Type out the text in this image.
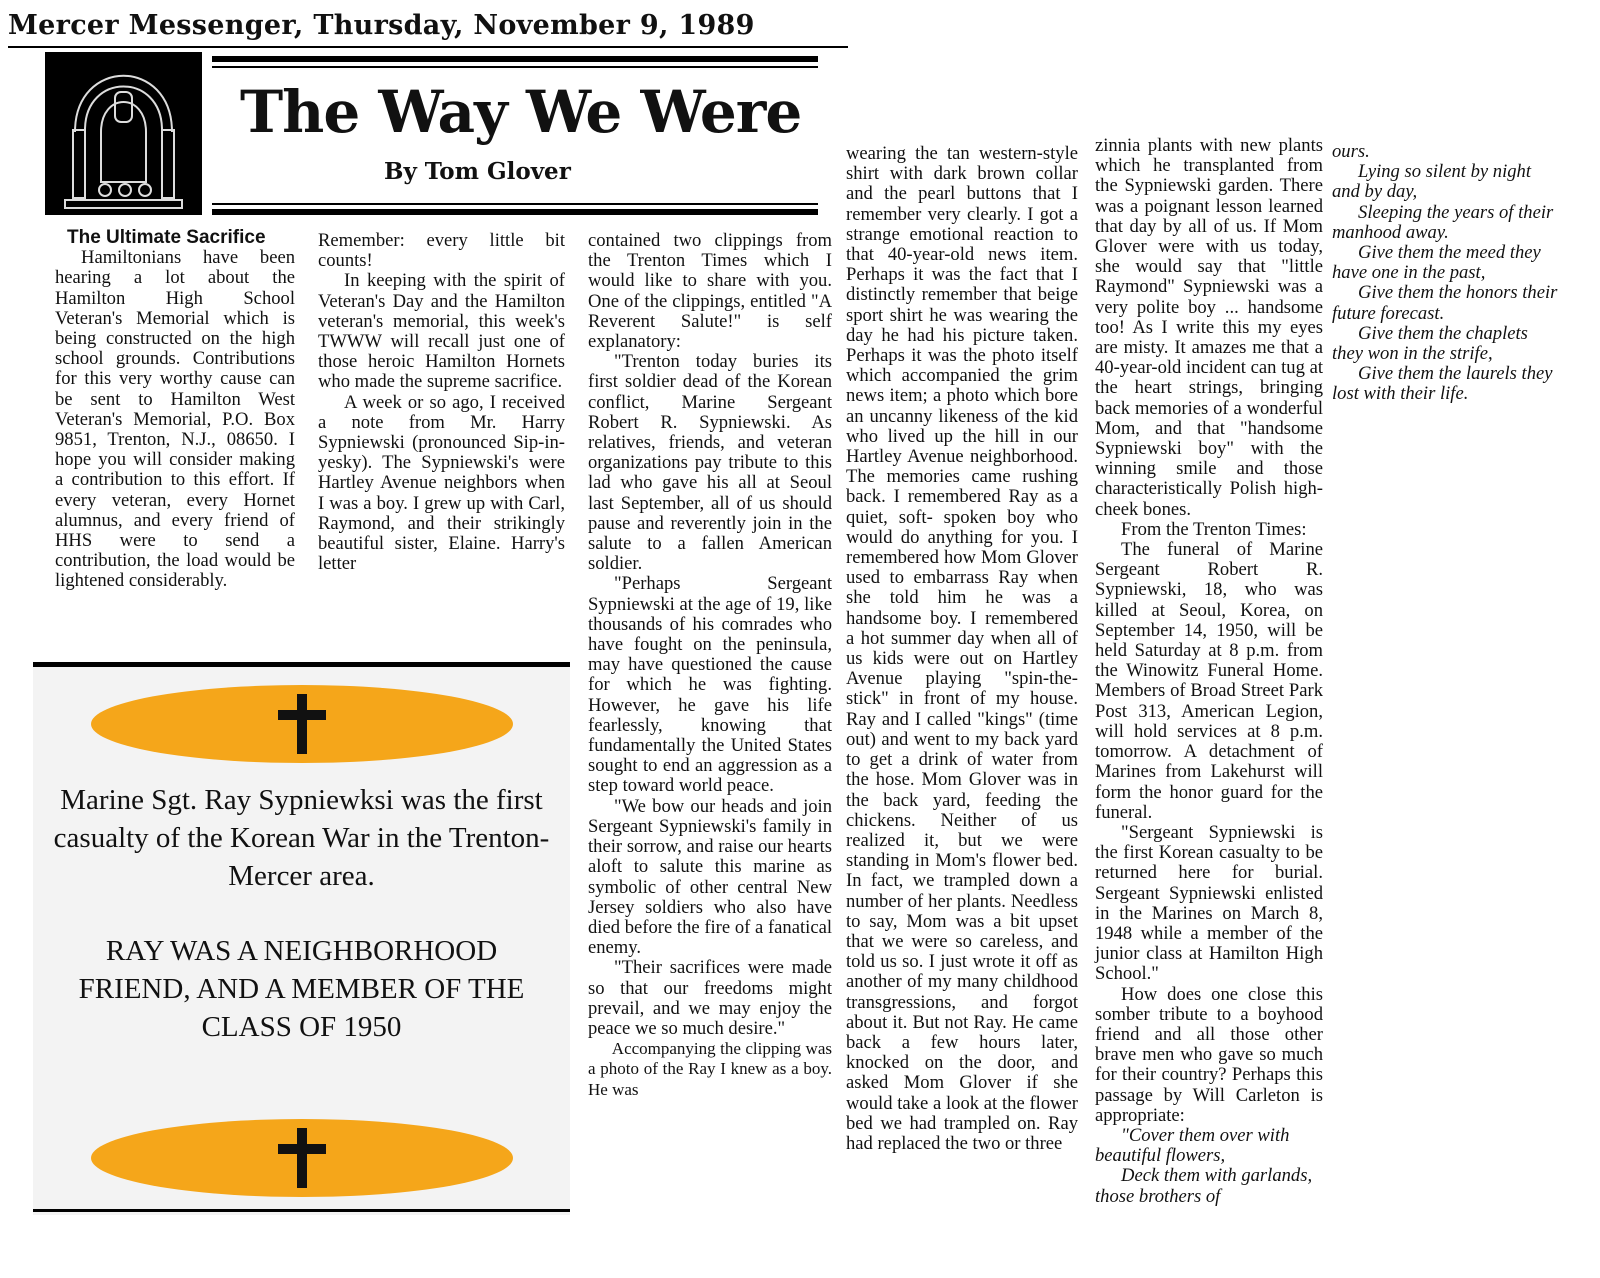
Mercer Messenger, Thursday, November 9, 1989
The Way We Were
By Tom Glover

The Ultimate Sacrifice

Hamiltonians have been hearing a lot about the Hamilton High School Veteran's Memorial which is being constructed on the high school grounds. Contributions for this very worthy cause can be sent to Hamilton West Veteran's Memorial, P.O. Box 9851, Trenton, N.J., 08650. I hope you will consider making a contribution to this effort. If every veteran, every Hornet alumnus, and every friend of HHS were to send a contribution, the load would be lightened considerably.

Remember: every little bit counts!

In keeping with the spirit of Veteran's Day and the Hamilton veteran's memorial, this week's TWWW will recall just one of those heroic Hamilton Hornets who made the supreme sacrifice.

A week or so ago, I received a note from Mr. Harry Sypniewski (pronounced Sip-in-yesky). The Sypniewski's were Hartley Avenue neighbors when I was a boy. I grew up with Carl, Raymond, and their strikingly beautiful sister, Elaine. Harry's letter

contained two clippings from the Trenton Times which I would like to share with you. One of the clippings, entitled "A Reverent Salute!" is self explanatory:

"Trenton today buries its first soldier dead of the Korean conflict, Marine Sergeant Robert R. Sypniewski. As relatives, friends, and veteran organizations pay tribute to this lad who gave his all at Seoul last September, all of us should pause and reverently join in the salute to a fallen American soldier.

"Perhaps Sergeant Sypniewski at the age of 19, like thousands of his comrades who have fought on the peninsula, may have questioned the cause for which he was fighting. However, he gave his life fearlessly, knowing that fundamentally the United States sought to end an aggression as a step toward world peace.

"We bow our heads and join Sergeant Sypniewski's family in their sorrow, and raise our hearts aloft to salute this marine as symbolic of other central New Jersey soldiers who also have died before the fire of a fanatical enemy.

"Their sacrifices were made so that our freedoms might prevail, and we may enjoy the peace we so much desire."

Accompanying the clipping was a photo of the Ray I knew as a boy. He was

wearing the tan western-style shirt with dark brown collar and the pearl buttons that I remember very clearly. I got a strange emotional reaction to that 40-year-old news item. Perhaps it was the fact that I distinctly remember that beige sport shirt he was wearing the day he had his picture taken. Perhaps it was the photo itself which accompanied the grim news item; a photo which bore an uncanny likeness of the kid who lived up the hill in our Hartley Avenue neighborhood. The memories came rushing back. I remembered Ray as a quiet, soft- spoken boy who would do anything for you. I remembered how Mom Glover used to embarrass Ray when she told him he was a handsome boy. I remembered a hot summer day when all of us kids were out on Hartley Avenue playing "spin-the-stick" in front of my house. Ray and I called "kings" (time out) and went to my back yard to get a drink of water from the hose. Mom Glover was in the back yard, feeding the chickens. Neither of us realized it, but we were standing in Mom's flower bed. In fact, we trampled down a number of her plants. Needless to say, Mom was a bit upset that we were so careless, and told us so. I just wrote it off as another of my many childhood transgressions, and forgot about it. But not Ray. He came back a few hours later, knocked on the door, and asked Mom Glover if she would take a look at the flower bed we had trampled on. Ray had replaced the two or three

zinnia plants with new plants which he transplanted from the Sypniewski garden. There was a poignant lesson learned that day by all of us. If Mom Glover were with us today, she would say that "little Raymond" Sypniewski was a very polite boy ... handsome too! As I write this my eyes are misty. It amazes me that a 40-year-old incident can tug at the heart strings, bringing back memories of a wonderful Mom, and that "handsome Sypniewski boy" with the winning smile and those characteristically Polish high-cheek bones.

From the Trenton Times:

The funeral of Marine Sergeant Robert R. Sypniewski, 18, who was killed at Seoul, Korea, on September 14, 1950, will be held Saturday at 8 p.m. from the Winowitz Funeral Home. Members of Broad Street Park Post 313, American Legion, will hold services at 8 p.m. tomorrow. A detachment of Marines from Lakehurst will form the honor guard for the funeral.

"Sergeant Sypniewski is the first Korean casualty to be returned here for burial. Sergeant Sypniewski enlisted in the Marines on March 8, 1948 while a member of the junior class at Hamilton High School."

How does one close this somber tribute to a boyhood friend and all those other brave men who gave so much for their country? Perhaps this passage by Will Carleton is appropriate:

"Cover them over with beautiful flowers,

Deck them with garlands, those brothers of

ours.

Lying so silent by night and by day,

Sleeping the years of their manhood away.

Give them the meed they have one in the past,

Give them the honors their future forecast.

Give them the chaplets they won in the strife,

Give them the laurels they lost with their life.

Marine Sgt. Ray Sypniewksi was the first casualty of the Korean War in the Trenton-Mercer area.
RAY WAS A NEIGHBORHOOD FRIEND, AND A MEMBER OF THE CLASS OF 1950
